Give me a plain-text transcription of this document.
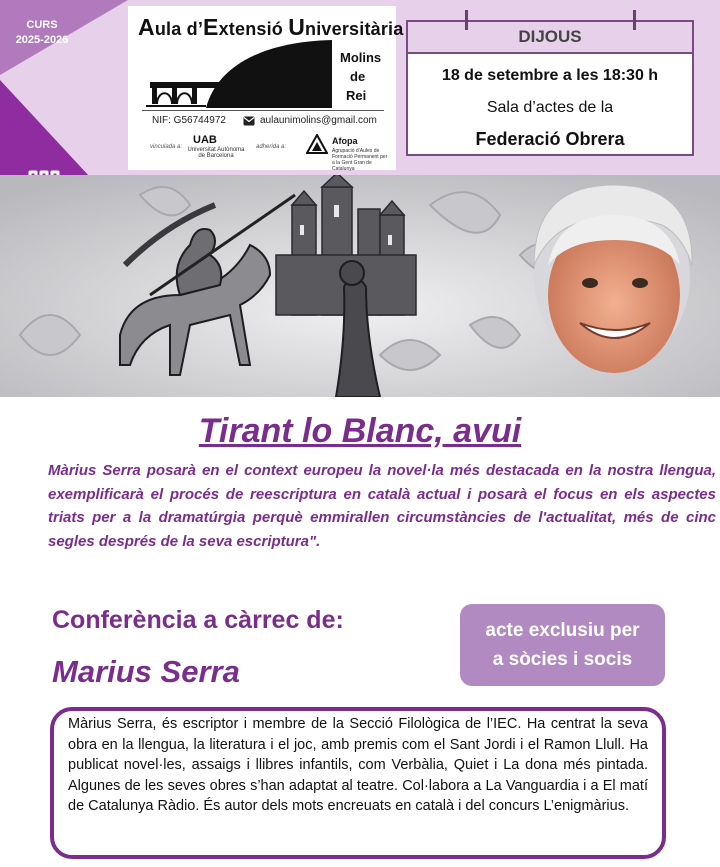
CURS
2025-2026	Aula d’Extensió Universitària
Molins
de
Rei
NIF: G56744972	aulaunimolins@gmail.com
vinculada a:
UAB
Universitat Autònoma de Barcelona
adherida a:
Afopa
Agrupació d’Aules de Formació Permanent per a la Gent Gran de Catalunya
DIJOUS
18 de setembre a les 18:30 h
Sala d’actes de la
Federació Obrera
Tirant lo Blanc, avui
Màrius Serra posarà en el context europeu la novel·la més destacada en la nostra llengua, exemplificarà el procés de reescriptura en català actual i posarà el focus en els aspectes triats per a la dramatúrgia perquè emmirallen circumstàncies de l'actualitat, més de cinc segles després de la seva escriptura".
Conferència a càrrec de:
Marius Serra
acte exclusiu per
a sòcies i socis
Màrius Serra, és escriptor i membre de la Secció Filològica de l’IEC. Ha centrat la seva obra en la llengua, la literatura i el joc, amb premis com el Sant Jordi i el Ramon Llull. Ha publicat novel·les, assaigs i llibres infantils, com Verbàlia, Quiet i La dona més pintada. Algunes de les seves obres s’han adaptat al teatre. Col·labora a La Vanguardia i a El matí de Catalunya Ràdio. És autor dels mots encreuats en català i del concurs L’enigmàrius.
